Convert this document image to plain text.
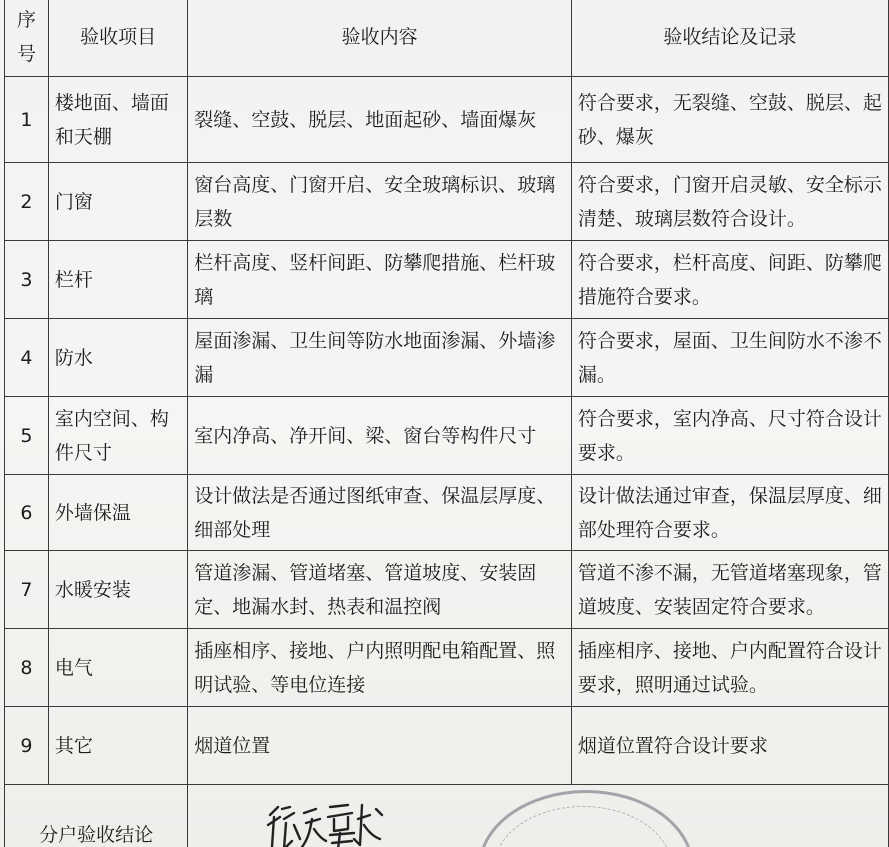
序号	验收项目	验收内容	验收结论及记录
1	楼地面、墙面和天棚	裂缝、空鼓、脱层、地面起砂、墙面爆灰	符合要求，无裂缝、空鼓、脱层、起砂、爆灰
2	门窗	窗台高度、门窗开启、安全玻璃标识、玻璃层数	符合要求，门窗开启灵敏、安全标示清楚、玻璃层数符合设计。
3	栏杆	栏杆高度、竖杆间距、防攀爬措施、栏杆玻璃	符合要求，栏杆高度、间距、防攀爬措施符合要求。
4	防水	屋面渗漏、卫生间等防水地面渗漏、外墙渗漏	符合要求，屋面、卫生间防水不渗不漏。
5	室内空间、构件尺寸	室内净高、净开间、梁、窗台等构件尺寸	符合要求，室内净高、尺寸符合设计要求。
6	外墙保温	设计做法是否通过图纸审查、保温层厚度、细部处理	设计做法通过审查，保温层厚度、细部处理符合要求。
7	水暖安装	管道渗漏、管道堵塞、管道坡度、安装固定、地漏水封、热表和温控阀	管道不渗不漏，无管道堵塞现象，管道坡度、安装固定符合要求。
8	电气	插座相序、接地、户内照明配电箱配置、照明试验、等电位连接	插座相序、接地、户内配置符合设计要求，照明通过试验。
9	其它	烟道位置	烟道位置符合设计要求
分户验收结论	
